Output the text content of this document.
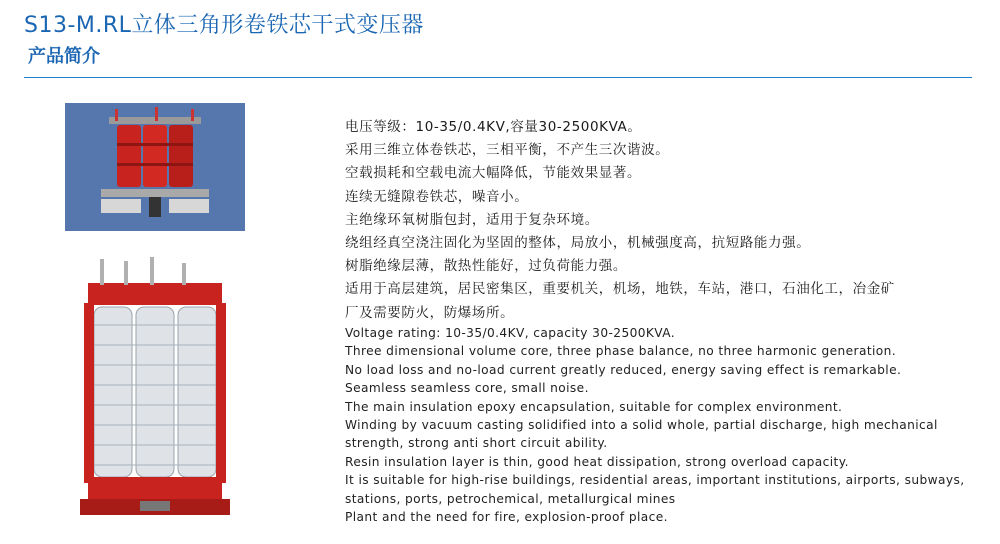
S13-M.RL立体三角形卷铁芯干式变压器
产品简介
电压等级：10-35/0.4KV,容量30-2500KVA。
采用三维立体卷铁芯，三相平衡，不产生三次谐波。
空载损耗和空载电流大幅降低，节能效果显著。
连续无缝隙卷铁芯，噪音小。
主绝缘环氧树脂包封，适用于复杂环境。
绕组经真空浇注固化为坚固的整体，局放小，机械强度高，抗短路能力强。
树脂绝缘层薄，散热性能好，过负荷能力强。
适用于高层建筑，居民密集区，重要机关，机场，地铁，车站，港口，石油化工，冶金矿
厂及需要防火，防爆场所。
Voltage rating: 10-35/0.4KV, capacity 30-2500KVA.
Three dimensional volume core, three phase balance, no three harmonic generation.
No load loss and no-load current greatly reduced, energy saving effect is remarkable.
Seamless seamless core, small noise.
The main insulation epoxy encapsulation, suitable for complex environment.
Winding by vacuum casting solidified into a solid whole, partial discharge, high mechanical
strength, strong anti short circuit ability.
Resin insulation layer is thin, good heat dissipation, strong overload capacity.
It is suitable for high-rise buildings, residential areas, important institutions, airports, subways,
stations, ports, petrochemical, metallurgical mines
Plant and the need for fire, explosion-proof place.
